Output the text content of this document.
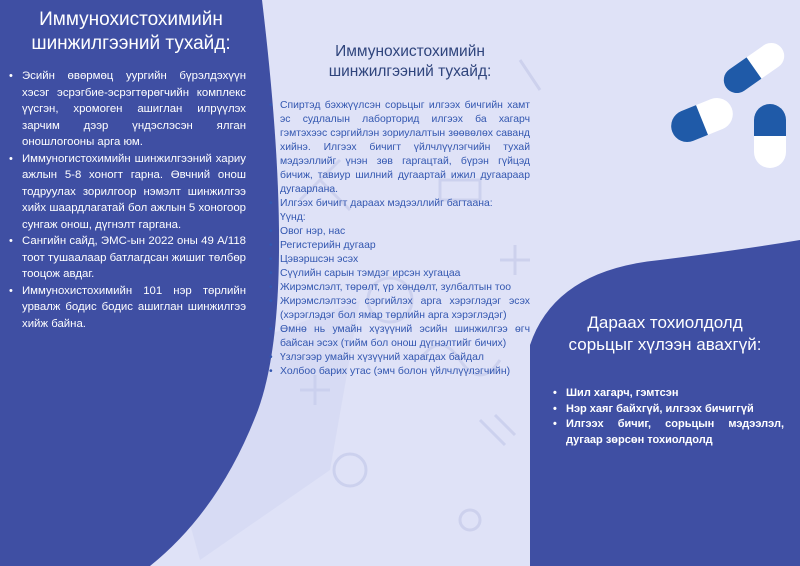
Иммунохистохимийн
шинжилгээний тухайд:
• Эсийн өвөрмөц уургийн бүрэлдэхүүн хэсэг эсрэгбие-эсрэгтөрөгчийн комплекс үүсгэн, хромоген ашиглан илрүүлэх зарчим дээр үндэслэсэн ялган оношлогооны арга юм.
• Иммуногистохимийн шинжилгээний хариу ажлын 5-8 хоногт гарна. Өвчний онош тодруулах зорилгоор нэмэлт шинжилгээ хийх шаардлагатай бол ажлын 5 хоногоор сунгаж онош, дүгнэлт гаргана.
• Сангийн сайд, ЭМС-ын 2022 оны 49 А/118 тоот тушаалаар батлагдсан жишиг төлбөр тооцож авдаг.
• Иммунохистохимийн 101 нэр төрлийн урвалж бодис бодис ашиглан шинжилгээ хийж байна.
Иммунохистохимийн
шинжилгээний тухайд:
• Спиртэд бэхжүүлсэн сорьцыг илгээх бичгийн хамт эс судлалын лаборторид илгээх ба хагарч гэмтэхээс сэргийлэн зориулалтын зөөвөлөх саванд хийнэ. Илгээх бичигт үйлчлүүлэгчийн тухай мэдээллийг үнэн зөв гаргацтай, бүрэн гүйцэд бичиж, тавиур шилний дугаартай ижил дугаараар дугаарлана.
• Илгээх бичигт дараах мэдээллийг багтаана:
Үүнд:
• Овог нэр, нас
• Регистерийн дугаар
• Цэвэршсэн эсэх
• Сүүлийн сарын тэмдэг ирсэн хугацаа
• Жирэмслэлт, төрөлт, үр хөндөлт, зулбалтын тоо
• Жирэмслэлтээс сэргийлэх арга хэрэглэдэг эсэх (хэрэглэдэг бол ямар төрлийн арга хэрэглэдэг)
• Өмнө нь умайн хүзүүний эсийн шинжилгээ өгч байсан эсэх (тийм бол онош дүгнэлтийг бичих)
• Үзлэгээр умайн хүзүүний харагдах байдал
• Холбоо барих утас (эмч болон үйлчлүүлэгчийн)
Дараах тохиолдолд
сорьцыг хүлээн авахгүй:
• Шил хагарч, гэмтсэн
• Нэр хаяг байхгүй, илгээх бичиггүй
• Илгээх бичиг, сорьцын мэдээлэл, дугаар зөрсөн тохиолдолд
